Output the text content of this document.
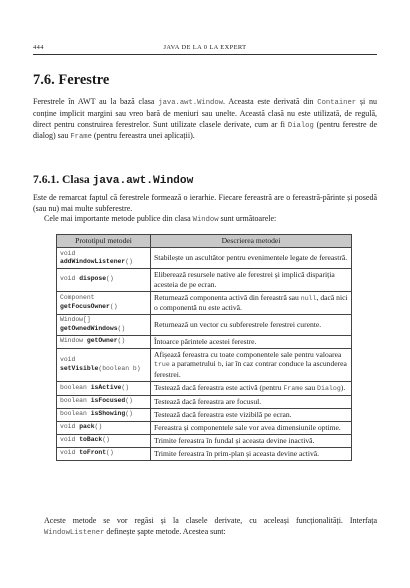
444	JAVA DE LA 0 LA EXPERT
7.6. Ferestre
Ferestrele în AWT au la bază clasa java.awt.Window. Aceasta este derivată din Container și nu conține implicit margini sau vreo bară de meniuri sau unelte. Această clasă nu este utilizată, de regulă, direct pentru construirea ferestrelor. Sunt utilizate clasele derivate, cum ar fi Dialog (pentru ferestre de dialog) sau Frame (pentru fereastra unei aplicații).
7.6.1. Clasa java.awt.Window
Este de remarcat faptul că ferestrele formează o ierarhie. Fiecare fereastră are o fereastră-părinte și posedă (sau nu) mai multe subferestre.
Cele mai importante metode publice din clasa Window sunt următoarele:
Prototipul metodei	Descrierea metodei
void
addWindowListener()	Stabilește un ascultător pentru evenimentele legate de fereastră.
void dispose()	Eliberează resursele native ale ferestrei și implică dispariția acesteia de pe ecran.
Component
getFocusOwner()	Returnează componenta activă din fereastră sau null, dacă nici o componentă nu este activă.
Window[]
getOwnedWindows()	Returnează un vector cu subferestrele ferestrei curente.
Window getOwner()	Întoarce părintele acestei ferestre.
void
setVisible(boolean b)	Afișează fereastra cu toate componentele sale pentru valoarea true a parametrului b, iar în caz contrar conduce la ascunderea ferestrei.
boolean isActive()	Testează dacă fereastra este activă (pentru Frame sau Dialog).
boolean isFocused()	Testează dacă fereastra are focusul.
boolean isShowing()	Testează dacă fereastra este vizibilă pe ecran.
void pack()	Fereastra și componentele sale vor avea dimensiunile optime.
void toBack()	Trimite fereastra în fundal și aceasta devine inactivă.
void toFront()	Trimite fereastra în prim-plan și aceasta devine activă.
Aceste metode se vor regăsi și la clasele derivate, cu aceleași funcționalități. Interfața WindowListener definește șapte metode. Acestea sunt:
